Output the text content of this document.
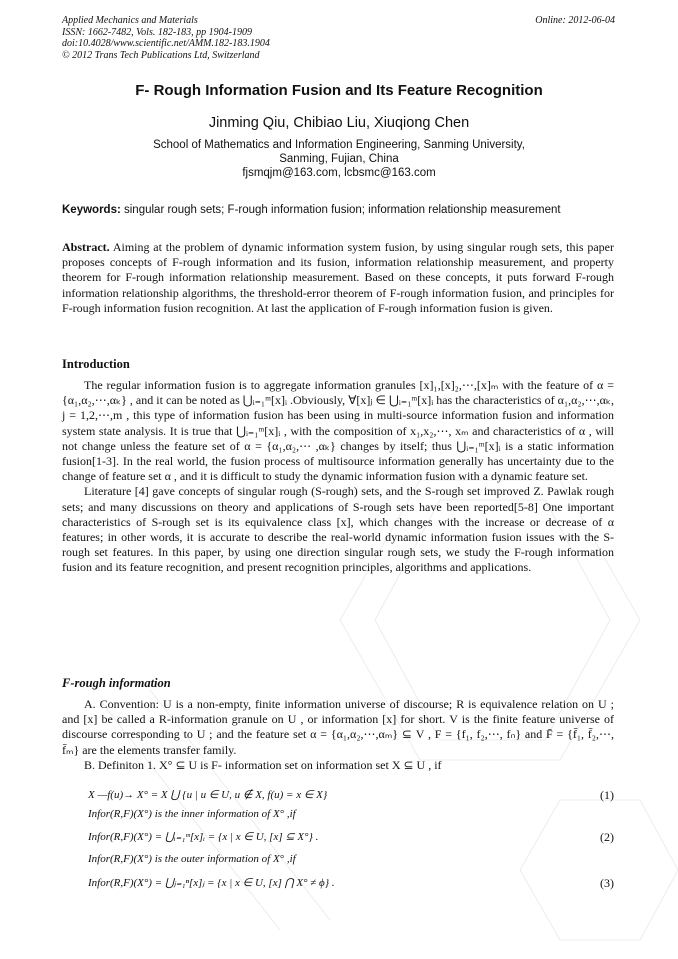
Applied Mechanics and Materials
ISSN: 1662-7482, Vols. 182-183, pp 1904-1909
doi:10.4028/www.scientific.net/AMM.182-183.1904
© 2012 Trans Tech Publications Ltd, Switzerland
Online: 2012-06-04
F- Rough Information Fusion and Its Feature Recognition
Jinming Qiu, Chibiao Liu, Xiuqiong Chen
School of Mathematics and Information Engineering, Sanming University,
Sanming, Fujian, China
fjsmqjm@163.com, lcbsmc@163.com
Keywords: singular rough sets; F-rough information fusion; information relationship measurement
Abstract. Aiming at the problem of dynamic information system fusion, by using singular rough sets, this paper proposes concepts of F-rough information and its fusion, information relationship measurement, and property theorem for F-rough information relationship measurement. Based on these concepts, it puts forward F-rough information relationship algorithms, the threshold-error theorem of F-rough information fusion, and principles for F-rough information fusion recognition. At last the application of F-rough information fusion is given.
Introduction

The regular information fusion is to aggregate information granules [x]₁,[x]₂,⋯,[x]ₘ with the feature of α = {α₁,α₂,⋯,αₖ} , and it can be noted as ⋃ᵢ₌₁ᵐ[x]ᵢ .Obviously, ∀[x]ⱼ ∈ ⋃ᵢ₌₁ᵐ[x]ᵢ has the characteristics of α₁,α₂,⋯,αₖ, j = 1,2,⋯,m , this type of information fusion has been using in multi-source information fusion and information system state analysis. It is true that ⋃ᵢ₌₁ᵐ[x]ᵢ , with the composition of x₁,x₂,⋯, xₘ and characteristics of α , will not change unless the feature set of α = {α₁,α₂,⋯ ,αₖ} changes by itself; thus ⋃ᵢ₌₁ᵐ[x]ᵢ is a static information fusion[1-3]. In the real world, the fusion process of multisource information generally has uncertainty due to the change of feature set α , and it is difficult to study the dynamic information fusion with a dynamic feature set.

Literature [4] gave concepts of singular rough (S-rough) sets, and the S-rough set improved Z. Pawlak rough sets; and many discussions on theory and applications of S-rough sets have been reported[5-8] One important characteristics of S-rough set is its equivalence class [x], which changes with the increase or decrease of α features; in other words, it is accurate to describe the real-world dynamic information fusion issues with the S-rough set features. In this paper, by using one direction singular rough sets, we study the F-rough information fusion and its feature recognition, and present recognition principles, algorithms and applications.

F-rough information

A. Convention: U is a non-empty, finite information universe of discourse; R is equivalence relation on U ; and [x] be called a R-information granule on U , or information [x] for short. V is the finite feature universe of discourse corresponding to U ; and the feature set α = {α₁,α₂,⋯,αₘ} ⊆ V , F = {f₁, f₂,⋯, fₙ} and F̄ = {f̄₁, f̄₂,⋯, f̄ₘ} are the elements transfer family.

B. Definiton 1. X° ⊆ U is F- information set on information set X ⊆ U , if

X —f(u)→ X° = X ⋃ {u | u ∈ U, u ∉ X, f(u) = x ∈ X}	(1)
Infor(R,F)(X°) is the inner information of X° ,if
Infor(R,F)(X°) = ⋃ᵢ₌₁ᵐ[x]ᵢ = {x | x ∈ U, [x] ⊆ X°} .	(2)
Infor(R,F)(X°) is the outer information of X° ,if
Infor(R,F)(X°) = ⋃ⱼ₌₁ⁿ[x]ⱼ = {x | x ∈ U, [x] ⋂ X° ≠ ϕ} .	(3)
